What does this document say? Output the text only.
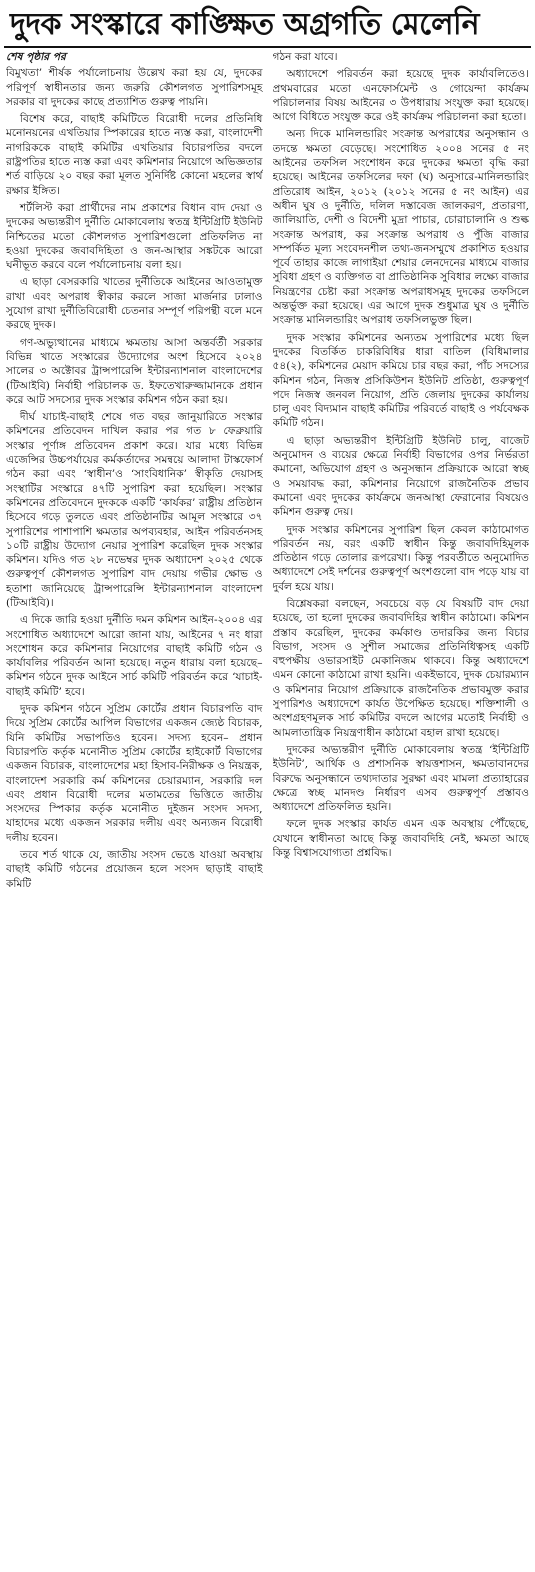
দুদক সংস্কারে কাঙ্ক্ষিত অগ্রগতি মেলেনি

শেষ পৃষ্ঠার পর
বিমুখতা’ শীর্ষক পর্যালোচনায় উল্লেখ করা হয় যে, দুদকের পরিপূর্ণ স্বাধীনতার জন্য জরুরি কৌশলগত সুপারিশসমূহ সরকার বা দুদকের কাছে প্রত্যাশিত গুরুত্ব পায়নি।

বিশেষ করে, বাছাই কমিটিতে বিরোধী দলের প্রতিনিধি মনোনয়নের এখতিয়ার স্পিকারের হাতে ন্যস্ত করা, বাংলাদেশী নাগরিককে বাছাই কমিটির এখতিয়ার বিচারপতির বদলে রাষ্ট্রপতির হাতে ন্যস্ত করা এবং কমিশনার নিয়োগে অভিজ্ঞতার শর্ত বাড়িয়ে ২০ বছর করা মূলত সুনির্দিষ্ট কোনো মহলের স্বার্থ রক্ষার ইঙ্গিত।

শর্টলিস্ট করা প্রার্থীদের নাম প্রকাশের বিধান বাদ দেয়া ও দুদকের অভ্যন্তরীণ দুর্নীতি মোকাবেলায় স্বতন্ত্র ইন্টিগ্রিটি ইউনিট নিশ্চিতের মতো কৌশলগত সুপারিশগুলো প্রতিফলিত না হওয়া দুদকের জবাবদিহিতা ও জন-আস্থার সঙ্কটকে আরো ঘনীভূত করবে বলে পর্যালোচনায় বলা হয়।

এ ছাড়া বেসরকারি খাতের দুর্নীতিকে আইনের আওতামুক্ত রাখা এবং অপরাধ স্বীকার করলে সাজা মার্জনার ঢালাও সুযোগ রাখা দুর্নীতিবিরোধী চেতনার সম্পূর্ণ পরিপন্থী বলে মনে করছে দুদক।

গণ-অভ্যুত্থানের মাধ্যমে ক্ষমতায় আসা অন্তর্বর্তী সরকার বিভিন্ন খাতে সংস্কারের উদ্যোগের অংশ হিসেবে ২০২৪ সালের ৩ অক্টোবর ট্রান্সপারেন্সি ইন্টারন্যাশনাল বাংলাদেশের (টিআইবি) নির্বাহী পরিচালক ড. ইফতেখারুজ্জামানকে প্রধান করে আট সদস্যের দুদক সংস্কার কমিশন গঠন করা হয়।

দীর্ঘ যাচাই-বাছাই শেষে গত বছর জানুয়ারিতে সংস্কার কমিশনের প্রতিবেদন দাখিল করার পর গত ৮ ফেব্রুয়ারি সংস্কার পূর্ণাঙ্গ প্রতিবেদন প্রকাশ করে। যার মধ্যে বিভিন্ন এজেন্সির উচ্চপর্যায়ের কর্মকর্তাদের সমন্বয়ে আলাদা টাস্কফোর্স গঠন করা এবং ‘স্বাধীন’ও ‘সাংবিধানিক’ স্বীকৃতি দেয়াসহ সংস্থাটির সংস্কারে ৪৭টি সুপারিশ করা হয়েছিল। সংস্কার কমিশনের প্রতিবেদনে দুদককে একটি ‘কার্যকর’ রাষ্ট্রীয় প্রতিষ্ঠান হিসেবে গড়ে তুলতে এবং প্রতিষ্ঠানটির আমূল সংস্কারে ৩৭ সুপারিশের পাশাপাশি ক্ষমতার অপব্যবহার, আইন পরিবর্তনসহ ১০টি রাষ্ট্রীয় উদ্যোগ নেয়ার সুপারিশ করেছিল দুদক সংস্কার কমিশন। যদিও গত ২৮ নভেম্বর দুদক অধ্যাদেশ ২০২৫ থেকে গুরুত্বপূর্ণ কৌশলগত সুপারিশ বাদ দেয়ায় গভীর ক্ষোভ ও হতাশা জানিয়েছে ট্রান্সপারেন্সি ইন্টারন্যাশনাল বাংলাদেশ (টিআইবি)।

এ দিকে জারি হওয়া দুর্নীতি দমন কমিশন আইন-২০০৪ এর সংশোধিত অধ্যাদেশে আরো জানা যায়, আইনের ৭ নং ধারা সংশোধন করে কমিশনার নিয়োগের বাছাই কমিটি গঠন ও কার্যাবলির পরিবর্তন আনা হয়েছে। নতুন ধারায় বলা হয়েছে– কমিশন গঠনে দুদক আইনে সার্চ কমিটি পরিবর্তন করে ‘যাচাই-বাছাই কমিটি’ হবে।

দুদক কমিশন গঠনে সুপ্রিম কোর্টের প্রধান বিচারপতি বাদ দিয়ে সুপ্রিম কোর্টের আপিল বিভাগের একজন জ্যেষ্ঠ বিচারক, যিনি কমিটির সভাপতিও হবেন। সদস্য হবেন– প্রধান বিচারপতি কর্তৃক মনোনীত সুপ্রিম কোর্টের হাইকোর্ট বিভাগের একজন বিচারক, বাংলাদেশের মহা হিসাব-নিরীক্ষক ও নিয়ন্ত্রক, বাংলাদেশ সরকারি কর্ম কমিশনের চেয়ারম্যান, সরকারি দল এবং প্রধান বিরোধী দলের মতামতের ভিত্তিতে জাতীয় সংসদের স্পিকার কর্তৃক মনোনীত দুইজন সংসদ সদস্য, যাহাদের মধ্যে একজন সরকার দলীয় এবং অন্যজন বিরোধী দলীয় হবেন।

তবে শর্ত থাকে যে, জাতীয় সংসদ ভেঙে যাওয়া অবস্থায় বাছাই কমিটি গঠনের প্রয়োজন হলে সংসদ ছাড়াই বাছাই কমিটি

গঠন করা যাবে।

অধ্যাদেশে পরিবর্তন করা হয়েছে দুদক কার্যাবলিতেও। প্রথমবারের মতো এনফোর্সমেন্ট ও গোয়েন্দা কার্যক্রম পরিচালনার বিষয় আইনের ৩ উপধারায় সংযুক্ত করা হয়েছে। আগে বিধিতে সংযুক্ত করে ওই কার্যক্রম পরিচালনা করা হতো।

অন্য দিকে মানিলন্ডারিং সংক্রান্ত অপরাধের অনুসন্ধান ও তদন্তে ক্ষমতা বেড়েছে। সংশোধিত ২০০৪ সনের ৫ নং আইনের তফসিল সংশোধন করে দুদকের ক্ষমতা বৃদ্ধি করা হয়েছে। আইনের তফসিলের দফা (ঘ) অনুসারে-মানিলন্ডারিং প্রতিরোধ আইন, ২০১২ (২০১২ সনের ৫ নং আইন) এর অধীন ঘুষ ও দুর্নীতি, দলিল দস্তাবেজ জালকরণ, প্রতারণা, জালিয়াতি, দেশী ও বিদেশী মুদ্রা পাচার, চোরাচালানি ও শুল্ক সংক্রান্ত অপরাধ, কর সংক্রান্ত অপরাধ ও পুঁজি বাজার সম্পর্কিত মূল্য সংবেদনশীল তথ্য-জনসম্মুখে প্রকাশিত হওয়ার পূর্বে তাহার কাজে লাগাইয়া শেয়ার লেনদেনের মাধ্যমে বাজার সুবিধা গ্রহণ ও ব্যক্তিগত বা প্রাতিষ্ঠানিক সুবিধার লক্ষ্যে বাজার নিয়ন্ত্রণের চেষ্টা করা সংক্রান্ত অপরাধসমূহ দুদকের তফসিলে অন্তর্ভুক্ত করা হয়েছে। এর আগে দুদক শুধুমাত্র ঘুষ ও দুর্নীতি সংক্রান্ত মানিলন্ডারিং অপরাধ তফসিলভুক্ত ছিল।

দুদক সংস্কার কমিশনের অন্যতম সুপারিশের মধ্যে ছিল দুদকের বিতর্কিত চাকরিবিধির ধারা বাতিল (বিধিমালার ৫৪(২), কমিশনের মেয়াদ কমিয়ে চার বছর করা, পাঁচ সদস্যের কমিশন গঠন, নিজস্ব প্রসিকিউশন ইউনিট প্রতিষ্ঠা, গুরুত্বপূর্ণ পদে নিজস্ব জনবল নিয়োগ, প্রতি জেলায় দুদকের কার্যালয় চালু এবং বিদ্যমান বাছাই কমিটির পরিবর্তে বাছাই ও পর্যবেক্ষক কমিটি গঠন।

এ ছাড়া অভ্যন্তরীণ ইন্টিগ্রিটি ইউনিট চালু, বাজেট অনুমোদন ও ব্যয়ের ক্ষেত্রে নির্বাহী বিভাগের ওপর নির্ভরতা কমানো, অভিযোগ গ্রহণ ও অনুসন্ধান প্রক্রিয়াকে আরো স্বচ্ছ ও সময়াবদ্ধ করা, কমিশনার নিয়োগে রাজনৈতিক প্রভাব কমানো এবং দুদকের কার্যক্রমে জনআস্থা ফেরানোর বিষয়েও কমিশন গুরুত্ব দেয়।

দুদক সংস্কার কমিশনের সুপারিশ ছিল কেবল কাঠামোগত পরিবর্তন নয়, বরং একটি স্বাধীন কিন্তু জবাবদিহিমূলক প্রতিষ্ঠান গড়ে তোলার রূপরেখা। কিন্তু পরবর্তীতে অনুমোদিত অধ্যাদেশে সেই দর্শনের গুরুত্বপূর্ণ অংশগুলো বাদ পড়ে যায় বা দুর্বল হয়ে যায়।

বিশ্লেষকরা বলছেন, সবচেয়ে বড় যে বিষয়টি বাদ দেয়া হয়েছে, তা হলো দুদকের জবাবদিহির স্বাধীন কাঠামো। কমিশন প্রস্তাব করেছিল, দুদকের কর্মকাণ্ড তদারকির জন্য বিচার বিভাগ, সংসদ ও সুশীল সমাজের প্রতিনিধিত্বসহ একটি বহুপক্ষীয় ওভারসাইট মেকানিজম থাকবে। কিন্তু অধ্যাদেশে এমন কোনো কাঠামো রাখা হয়নি। একইভাবে, দুদক চেয়ারম্যান ও কমিশনার নিয়োগ প্রক্রিয়াকে রাজনৈতিক প্রভাবমুক্ত করার সুপারিশও অধ্যাদেশে কার্যত উপেক্ষিত হয়েছে। শক্তিশালী ও অংশগ্রহণমূলক সার্চ কমিটির বদলে আগের মতোই নির্বাহী ও আমলাতান্ত্রিক নিয়ন্ত্রণাধীন কাঠামো বহাল রাখা হয়েছে।

দুদকের অভ্যন্তরীণ দুর্নীতি মোকাবেলায় স্বতন্ত্র ‘ইন্টিগ্রিটি ইউনিট’, আর্থিক ও প্রশাসনিক স্বায়ত্তশাসন, ক্ষমতাবানদের বিরুদ্ধে অনুসন্ধানে তথ্যদাতার সুরক্ষা এবং মামলা প্রত্যাহারের ক্ষেত্রে স্বচ্ছ মানদণ্ড নির্ধারণ এসব গুরুত্বপূর্ণ প্রস্তাবও অধ্যাদেশে প্রতিফলিত হয়নি।

ফলে দুদক সংস্কার কার্যত এমন এক অবস্থায় পৌঁছেছে, যেখানে স্বাধীনতা আছে কিন্তু জবাবদিহি নেই, ক্ষমতা আছে কিন্তু বিশ্বাসযোগ্যতা প্রশ্নবিদ্ধ।
